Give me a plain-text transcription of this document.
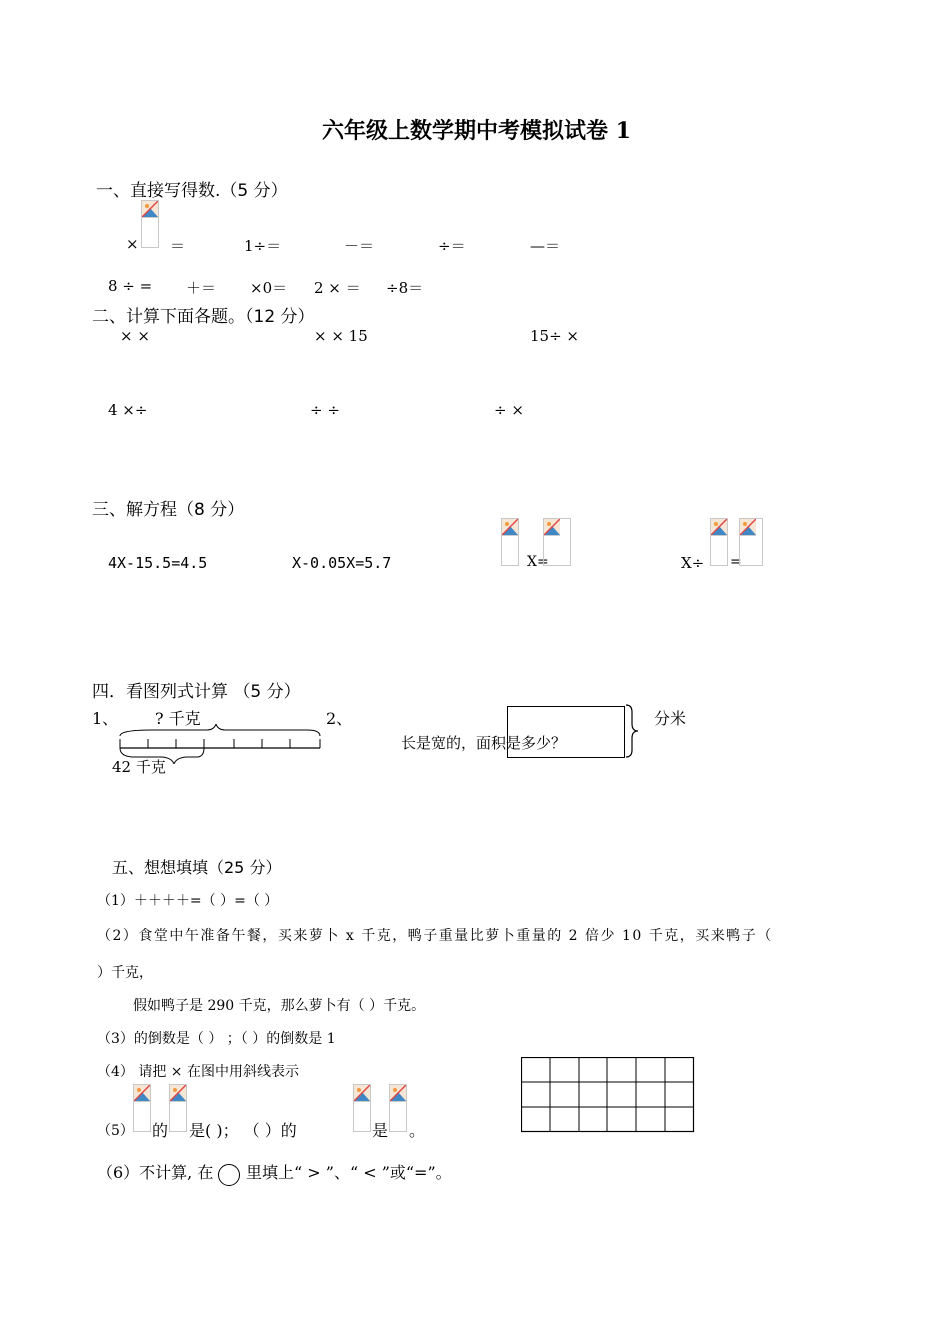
六年级上数学期中考模拟试卷 1
一、直接写得数.（5 分）
× ＝	1÷＝	－＝	÷＝	—＝
8 ÷ = ＋＝ ×0＝ 2 × ＝ ÷8＝
二、计算下面各题。（12 分）
× ×	× × 15	15÷ ×
4 ×÷	÷ ÷	÷ ×
三、解方程（8 分）
4X-15.5=4.5	X-0.05X=5.7	X=	X÷ =
四．看图列式计算 （5 分）
1、 ? 千克
42 千克
2、
长是宽的，面积是多少？
分米
五、想想填填（25 分）
（1）＋＋＋＋=（ ）=（ ）
（2）食堂中午准备午餐，买来萝卜 x 千克，鸭子重量比萝卜重量的 2 倍少 10 千克，买来鸭子（
）千克，
假如鸭子是 290 千克，那么萝卜有（ ）千克。
（3）的倒数是（ ） ；（ ）的倒数是 1
（4） 请把 × 在图中用斜线表示
（5） 的 是( )； （ ）的	是 。
（6）不计算, 在 里填上“ > ”、“ < ”或“=”。
